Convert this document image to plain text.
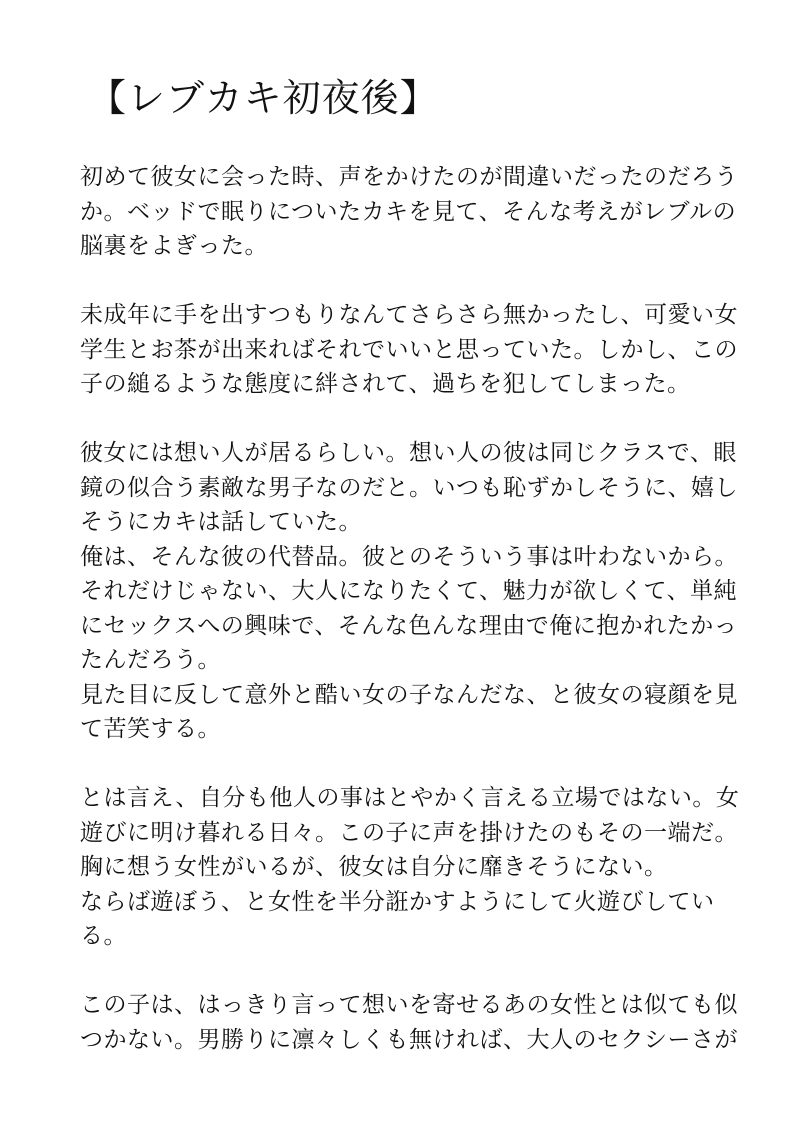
【レブカキ初夜後】
初めて彼女に会った時、声をかけたのが間違いだったのだろう
か。ベッドで眠りについたカキを見て、そんな考えがレブルの
脳裏をよぎった。
未成年に手を出すつもりなんてさらさら無かったし、可愛い女
学生とお茶が出来ればそれでいいと思っていた。しかし、この
子の縋るような態度に絆されて、過ちを犯してしまった。
彼女には想い人が居るらしい。想い人の彼は同じクラスで、眼
鏡の似合う素敵な男子なのだと。いつも恥ずかしそうに、嬉し
そうにカキは話していた。
俺は、そんな彼の代替品。彼とのそういう事は叶わないから。
それだけじゃない、大人になりたくて、魅力が欲しくて、単純
にセックスへの興味で、そんな色んな理由で俺に抱かれたかっ
たんだろう。
見た目に反して意外と酷い女の子なんだな、と彼女の寝顔を見
て苦笑する。
とは言え、自分も他人の事はとやかく言える立場ではない。女
遊びに明け暮れる日々。この子に声を掛けたのもその一端だ。
胸に想う女性がいるが、彼女は自分に靡きそうにない。
ならば遊ぼう、と女性を半分誑かすようにして火遊びしてい
る。
この子は、はっきり言って想いを寄せるあの女性とは似ても似
つかない。男勝りに凛々しくも無ければ、大人のセクシーさが
